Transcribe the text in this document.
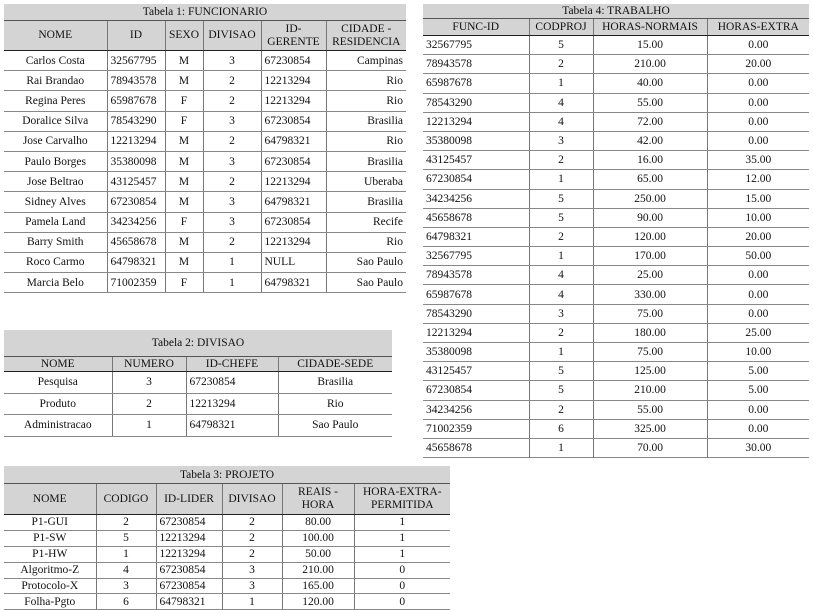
Tabela 1: FUNCIONARIO					
NOME	ID	SEXO	DIVISAO	ID-GERENTE	CIDADE - RESIDENCIA
Carlos Costa	32567795	M	3	67230854	Campinas
Rai Brandao	78943578	M	2	12213294	Rio
Regina Peres	65987678	F	2	12213294	Rio
Doralice Silva	78543290	F	3	67230854	Brasilia
Jose Carvalho	12213294	M	2	64798321	Rio
Paulo Borges	35380098	M	3	67230854	Brasilia
Jose Beltrao	43125457	M	2	12213294	Uberaba
Sidney Alves	67230854	M	3	64798321	Brasilia
Pamela Land	34234256	F	3	67230854	Recife
Barry Smith	45658678	M	2	12213294	Rio
Roco Carmo	64798321	M	1	NULL	Sao Paulo
Marcia Belo	71002359	F	1	64798321	Sao Paulo
Tabela 2: DIVISAO			
NOME	NUMERO	ID-CHEFE	CIDADE-SEDE
Pesquisa	3	67230854	Brasilia
Produto	2	12213294	Rio
Administracao	1	64798321	Sao Paulo
Tabela 3: PROJETO					
NOME	CODIGO	ID-LIDER	DIVISAO	REAIS - HORA	HORA-EXTRA-PERMITIDA
P1-GUI	2	67230854	2	80.00	1
P1-SW	5	12213294	2	100.00	1
P1-HW	1	12213294	2	50.00	1
Algoritmo-Z	4	67230854	3	210.00	0
Protocolo-X	3	67230854	3	165.00	0
Folha-Pgto	6	64798321	1	120.00	0
Tabela 4: TRABALHO			
FUNC-ID	CODPROJ	HORAS-NORMAIS	HORAS-EXTRA
32567795	5	15.00	0.00
78943578	2	210.00	20.00
65987678	1	40.00	0.00
78543290	4	55.00	0.00
12213294	4	72.00	0.00
35380098	3	42.00	0.00
43125457	2	16.00	35.00
67230854	1	65.00	12.00
34234256	5	250.00	15.00
45658678	5	90.00	10.00
64798321	2	120.00	20.00
32567795	1	170.00	50.00
78943578	4	25.00	0.00
65987678	4	330.00	0.00
78543290	3	75.00	0.00
12213294	2	180.00	25.00
35380098	1	75.00	10.00
43125457	5	125.00	5.00
67230854	5	210.00	5.00
34234256	2	55.00	0.00
71002359	6	325.00	0.00
45658678	1	70.00	30.00
